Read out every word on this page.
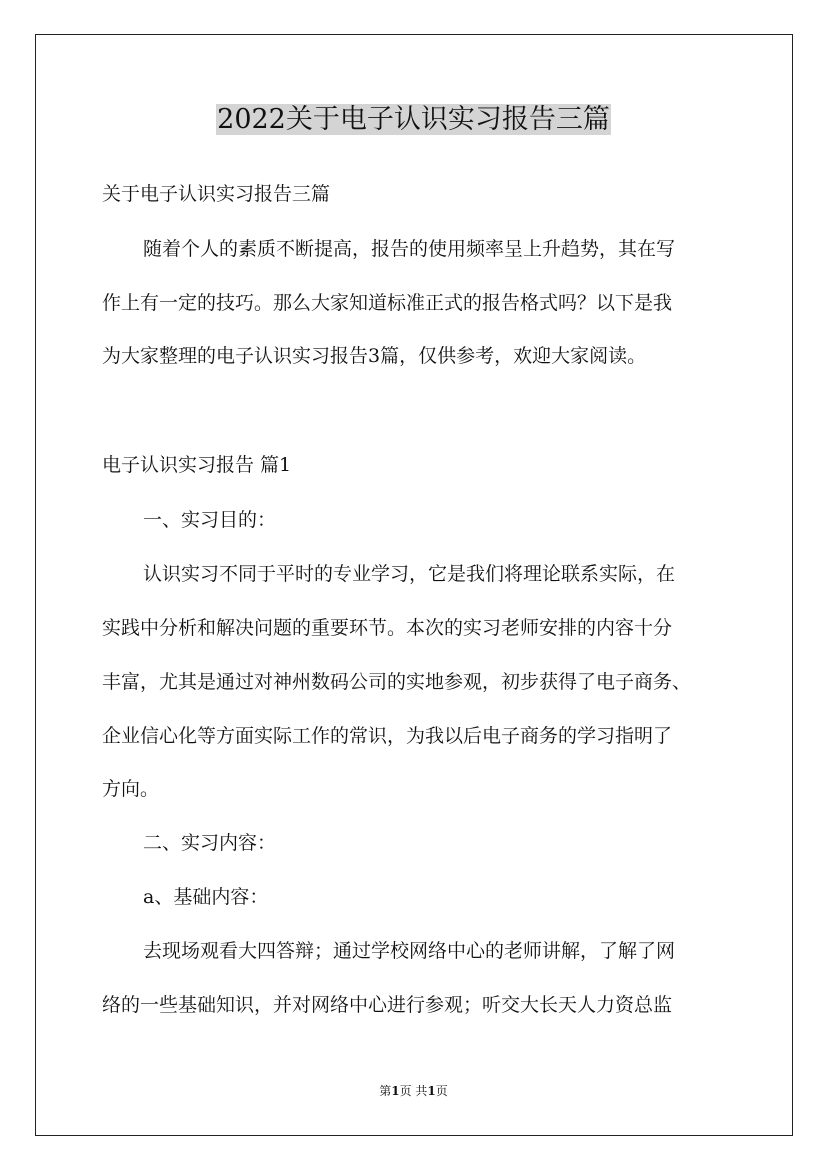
2022关于电子认识实习报告三篇
关于电子认识实习报告三篇
随着个人的素质不断提高，报告的使用频率呈上升趋势，其在写
作上有一定的技巧。那么大家知道标准正式的报告格式吗？以下是我
为大家整理的电子认识实习报告3篇，仅供参考，欢迎大家阅读。
电子认识实习报告 篇1
一、实习目的：
认识实习不同于平时的专业学习，它是我们将理论联系实际，在
实践中分析和解决问题的重要环节。本次的实习老师安排的内容十分
丰富，尤其是通过对神州数码公司的实地参观，初步获得了电子商务、
企业信心化等方面实际工作的常识，为我以后电子商务的学习指明了
方向。
二、实习内容：
a、基础内容：
去现场观看大四答辩；通过学校网络中心的老师讲解，了解了网
络的一些基础知识，并对网络中心进行参观；听交大长天人力资总监
第1页 共1页
